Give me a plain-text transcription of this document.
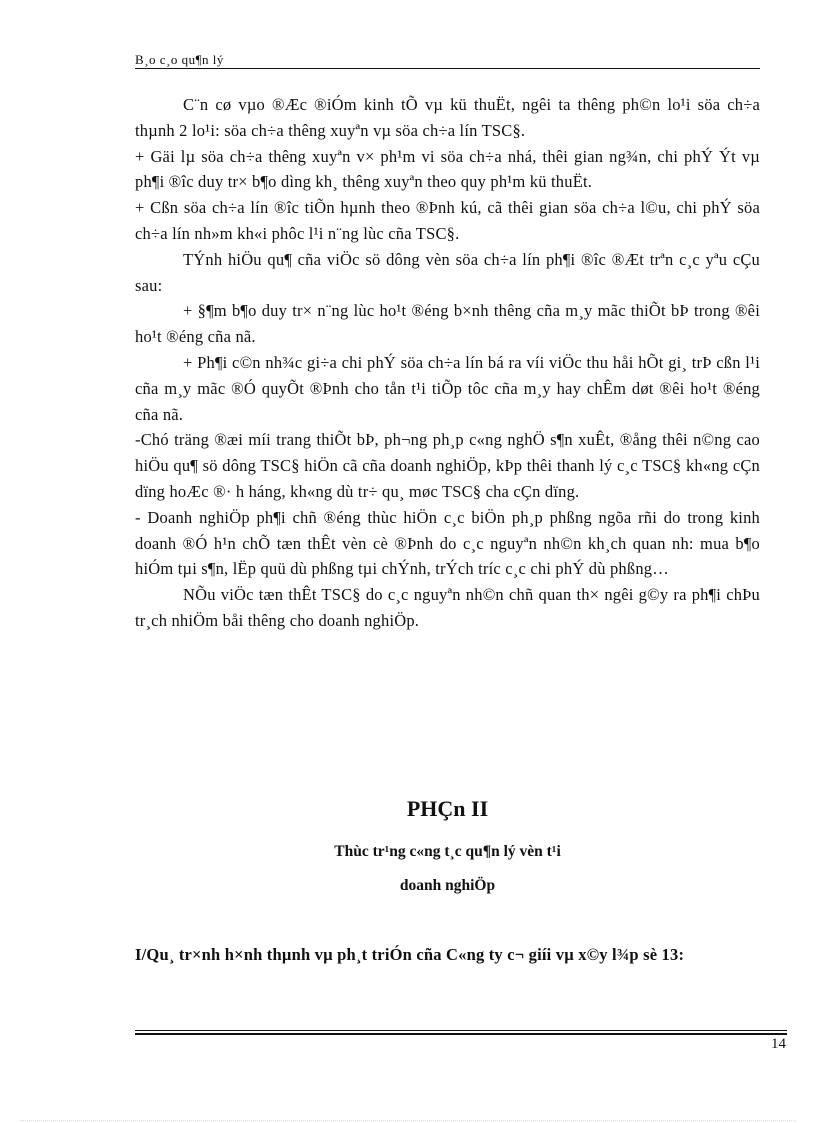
B¸o c¸o qu¶n lý

C¨n cø vµo ®Æc ®iÓm kinh tÕ vµ kü thuËt, ngêi ta thêng ph©n lo¹i söa ch÷a thµnh 2 lo¹i: söa ch÷a thêng xuyªn vµ söa ch÷a lín TSC§.

+ Gäi lµ söa ch÷a thêng xuyªn v× ph¹m vi söa ch÷a nhá, thêi gian ng¾n, chi phÝ Ýt vµ ph¶i ®îc duy tr× b¶o dìng kh¸ thêng xuyªn theo quy ph¹m kü thuËt.

+ Cßn söa ch÷a lín ®îc tiÕn hµnh theo ®Þnh kú, cã thêi gian söa ch÷a l©u, chi phÝ söa ch÷a lín nh»m kh«i phôc l¹i n¨ng lùc cña TSC§.

TÝnh hiÖu qu¶ cña viÖc sö dông vèn söa ch÷a lín ph¶i ®îc ®Æt trªn c¸c yªu cÇu sau:

+ §¶m b¶o duy tr× n¨ng lùc ho¹t ®éng b×nh thêng cña m¸y mãc thiÕt bÞ trong ®êi ho¹t ®éng cña nã.

+ Ph¶i c©n nh¾c gi÷a chi phÝ söa ch÷a lín bá ra víi viÖc thu håi hÕt gi¸ trÞ cßn l¹i cña m¸y mãc ®Ó quyÕt ®Þnh cho tån t¹i tiÕp tôc cña m¸y hay chÊm døt ®êi ho¹t ®éng cña nã.

-Chó träng ®æi míi trang thiÕt bÞ, ph¬ng ph¸p c«ng nghÖ s¶n xuÊt, ®ång thêi n©ng cao hiÖu qu¶ sö dông TSC§ hiÖn cã cña doanh nghiÖp, kÞp thêi thanh lý c¸c TSC§ kh«ng cÇn dïng hoÆc ®· h háng, kh«ng dù tr÷ qu¸ møc TSC§ cha cÇn dïng.

- Doanh nghiÖp ph¶i chñ ®éng thùc hiÖn c¸c biÖn ph¸p phßng ngõa rñi do trong kinh doanh ®Ó h¹n chÕ tæn thÊt vèn cè ®Þnh do c¸c nguyªn nh©n kh¸ch quan nh: mua b¶o hiÓm tµi s¶n, lËp quü dù phßng tµi chÝnh, trÝch tríc c¸c chi phÝ dù phßng…

NÕu viÖc tæn thÊt TSC§ do c¸c nguyªn nh©n chñ quan th× ngêi g©y ra ph¶i chÞu tr¸ch nhiÖm båi thêng cho doanh nghiÖp.

PHÇn II
Thùc tr¹ng c«ng t¸c qu¶n lý vèn t¹i
doanh nghiÖp
I/Qu¸ tr×nh h×nh thµnh vµ ph¸t triÓn cña C«ng ty c¬ giíi vµ x©y l¾p sè 13:
14
